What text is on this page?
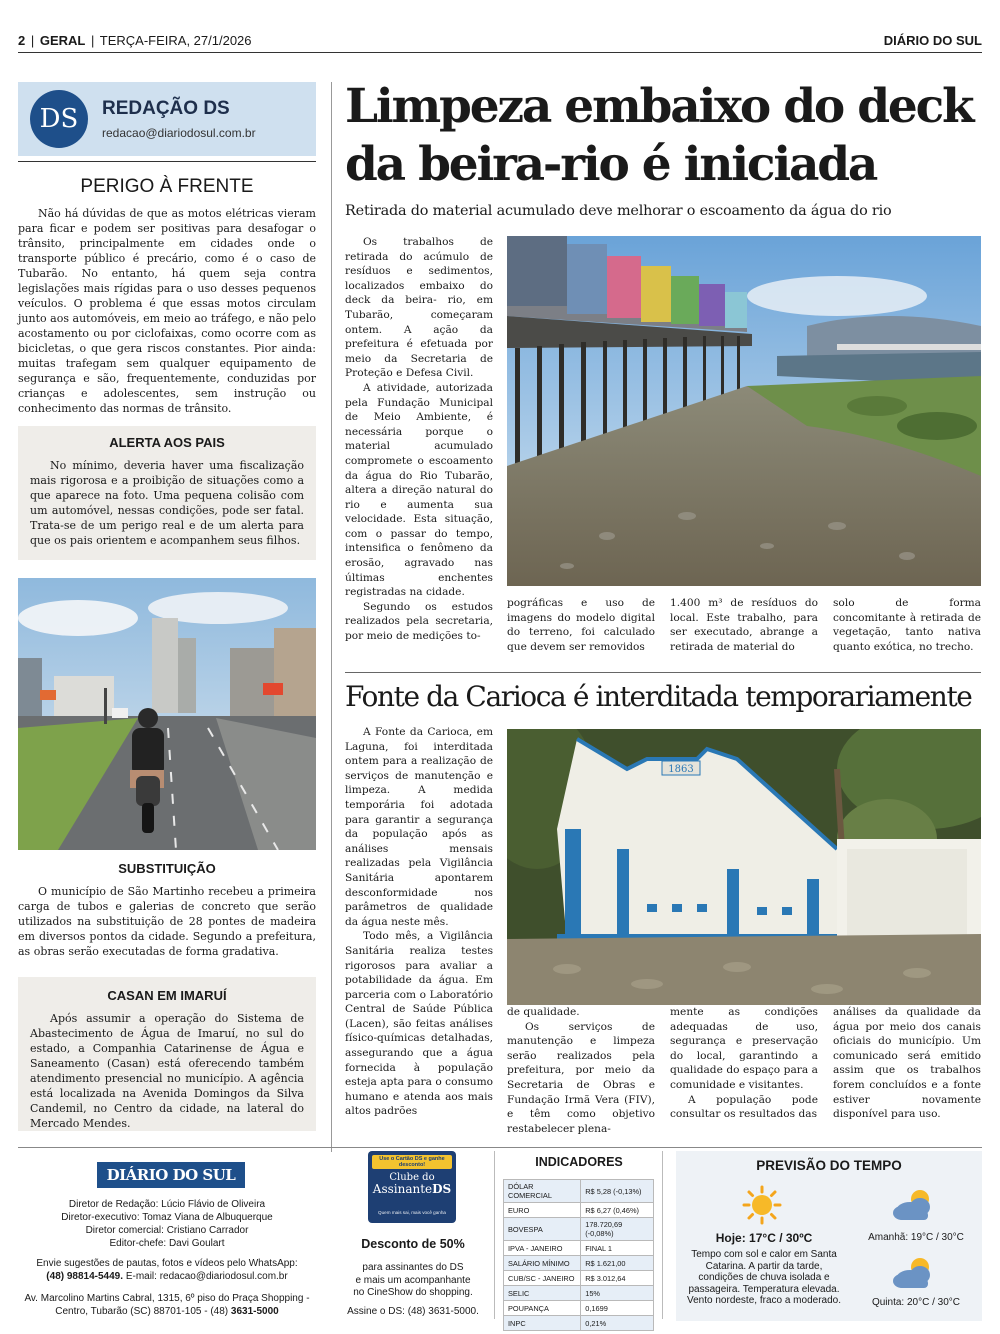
2 | GERAL | TERÇA-FEIRA, 27/1/2026	DIÁRIO DO SUL
DS	REDAÇÃO DS
redacao@diariodosul.com.br
PERIGO À FRENTE

Não há dúvidas de que as motos elétricas vieram para ficar e podem ser positivas para desafogar o trânsito, principalmente em cidades onde o transporte público é precário, como é o caso de Tubarão. No entanto, há quem seja contra legislações mais rígidas para o uso desses pequenos veículos. O problema é que essas motos circulam junto aos automóveis, em meio ao tráfego, e não pelo acostamento ou por ciclofaixas, como ocorre com as bicicletas, o que gera riscos constantes. Pior ainda: muitas trafegam sem qualquer equipamento de segurança e são, frequentemente, conduzidas por crianças e adolescentes, sem instrução ou conhecimento das normas de trânsito.

ALERTA AOS PAIS

No mínimo, deveria haver uma fiscalização mais rigorosa e a proibição de situações como a que aparece na foto. Uma pequena colisão com um automóvel, nessas condições, pode ser fatal. Trata-se de um perigo real e de um alerta para que os pais orientem e acompanhem seus filhos.

SUBSTITUIÇÃO

O município de São Martinho recebeu a primeira carga de tubos e galerias de concreto que serão utilizados na substituição de 28 pontes de madeira em diversos pontos da cidade. Segundo a prefeitura, as obras serão executadas de forma gradativa.

CASAN EM IMARUÍ

Após assumir a operação do Sistema de Abastecimento de Água de Imaruí, no sul do estado, a Companhia Catarinense de Água e Saneamento (Casan) está oferecendo também atendimento presencial no município. A agência está localizada na Avenida Domingos da Silva Candemil, no Centro da cidade, na lateral do Mercado Mendes.

Limpeza embaixo do deck
da beira-rio é iniciada
Retirada do material acumulado deve melhorar o escoamento da água do rio

Os trabalhos de retirada do acúmulo de resíduos e sedimentos, localizados embaixo do deck da beira- rio, em Tubarão, começaram ontem. A ação da prefeitura é efetuada por meio da Secretaria de Proteção e Defesa Civil.

A atividade, autorizada pela Fundação Municipal de Meio Ambiente, é necessária porque o material acumulado compromete o escoamento da água do Rio Tubarão, altera a direção natural do rio e aumenta sua velocidade. Esta situação, com o passar do tempo, intensifica o fenômeno da erosão, agravado nas últimas enchentes registradas na cidade.

Segundo os estudos realizados pela secretaria, por meio de medições to-

pográficas e uso de imagens do modelo digital do terreno, foi calculado que devem ser removidos

1.400 m³ de resíduos do local. Este trabalho, para ser executado, abrange a retirada de material do

solo de forma concomitante à retirada de vegetação, tanto nativa quanto exótica, no trecho.

Fonte da Carioca é interditada temporariamente

A Fonte da Carioca, em Laguna, foi interditada ontem para a realização de serviços de manutenção e limpeza. A medida temporária foi adotada para garantir a segurança da população após as análises mensais realizadas pela Vigilância Sanitária apontarem desconformidade nos parâmetros de qualidade da água neste mês.

Todo mês, a Vigilância Sanitária realiza testes rigorosos para avaliar a potabilidade da água. Em parceria com o Laboratório Central de Saúde Pública (Lacen), são feitas análises físico-químicas detalhadas, assegurando que a água fornecida à população esteja apta para o consumo humano e atenda aos mais altos padrões

1863

de qualidade.

Os serviços de manutenção e limpeza serão realizados pela prefeitura, por meio da Secretaria de Obras e Fundação Irmã Vera (FIV), e têm como objetivo restabelecer plena-

mente as condições adequadas de uso, segurança e preservação do local, garantindo a qualidade do espaço para a comunidade e visitantes.

A população pode consultar os resultados das

análises da qualidade da água por meio dos canais oficiais do município. Um comunicado será emitido assim que os trabalhos forem concluídos e a fonte estiver novamente disponível para uso.

DIÁRIO DO SUL
Diretor de Redação: Lúcio Flávio de Oliveira
Diretor-executivo: Tomaz Viana de Albuquerque
Diretor comercial: Cristiano Carrador
Editor-chefe: Davi Goulart
Envie sugestões de pautas, fotos e vídeos pelo WhatsApp:
(48) 98814-5449. E-mail: redacao@diariodosul.com.br
Av. Marcolino Martins Cabral, 1315, 6º piso do Praça Shopping -
Centro, Tubarão (SC) 88701-105 - (48) 3631-5000
Use o Cartão DS e ganhe desconto!
Clube do
AssinanteDS
Quem mais sai, mais você ganha
Desconto de 50%
para assinantes do DS
e mais um acompanhante
no CineShow do shopping.
Assine o DS: (48) 3631-5000.
INDICADORES
DÓLAR COMERCIAL	R$ 5,28 (-0,13%)
EURO	R$ 6,27 (0,46%)
BOVESPA	178.720,69 (-0,08%)
IPVA - JANEIRO	FINAL 1
SALÁRIO MÍNIMO	R$ 1.621,00
CUB/SC - JANEIRO	R$ 3.012,64
SELIC	15%
POUPANÇA	0,1699
INPC	0,21%
PREVISÃO DO TEMPO
Hoje: 17°C / 30ºC
Tempo com sol e calor em Santa Catarina. A partir da tarde, condições de chuva isolada e passageira. Temperatura elevada. Vento nordeste, fraco a moderado.
Amanhã: 19°C / 30°C
Quinta: 20°C / 30°C
